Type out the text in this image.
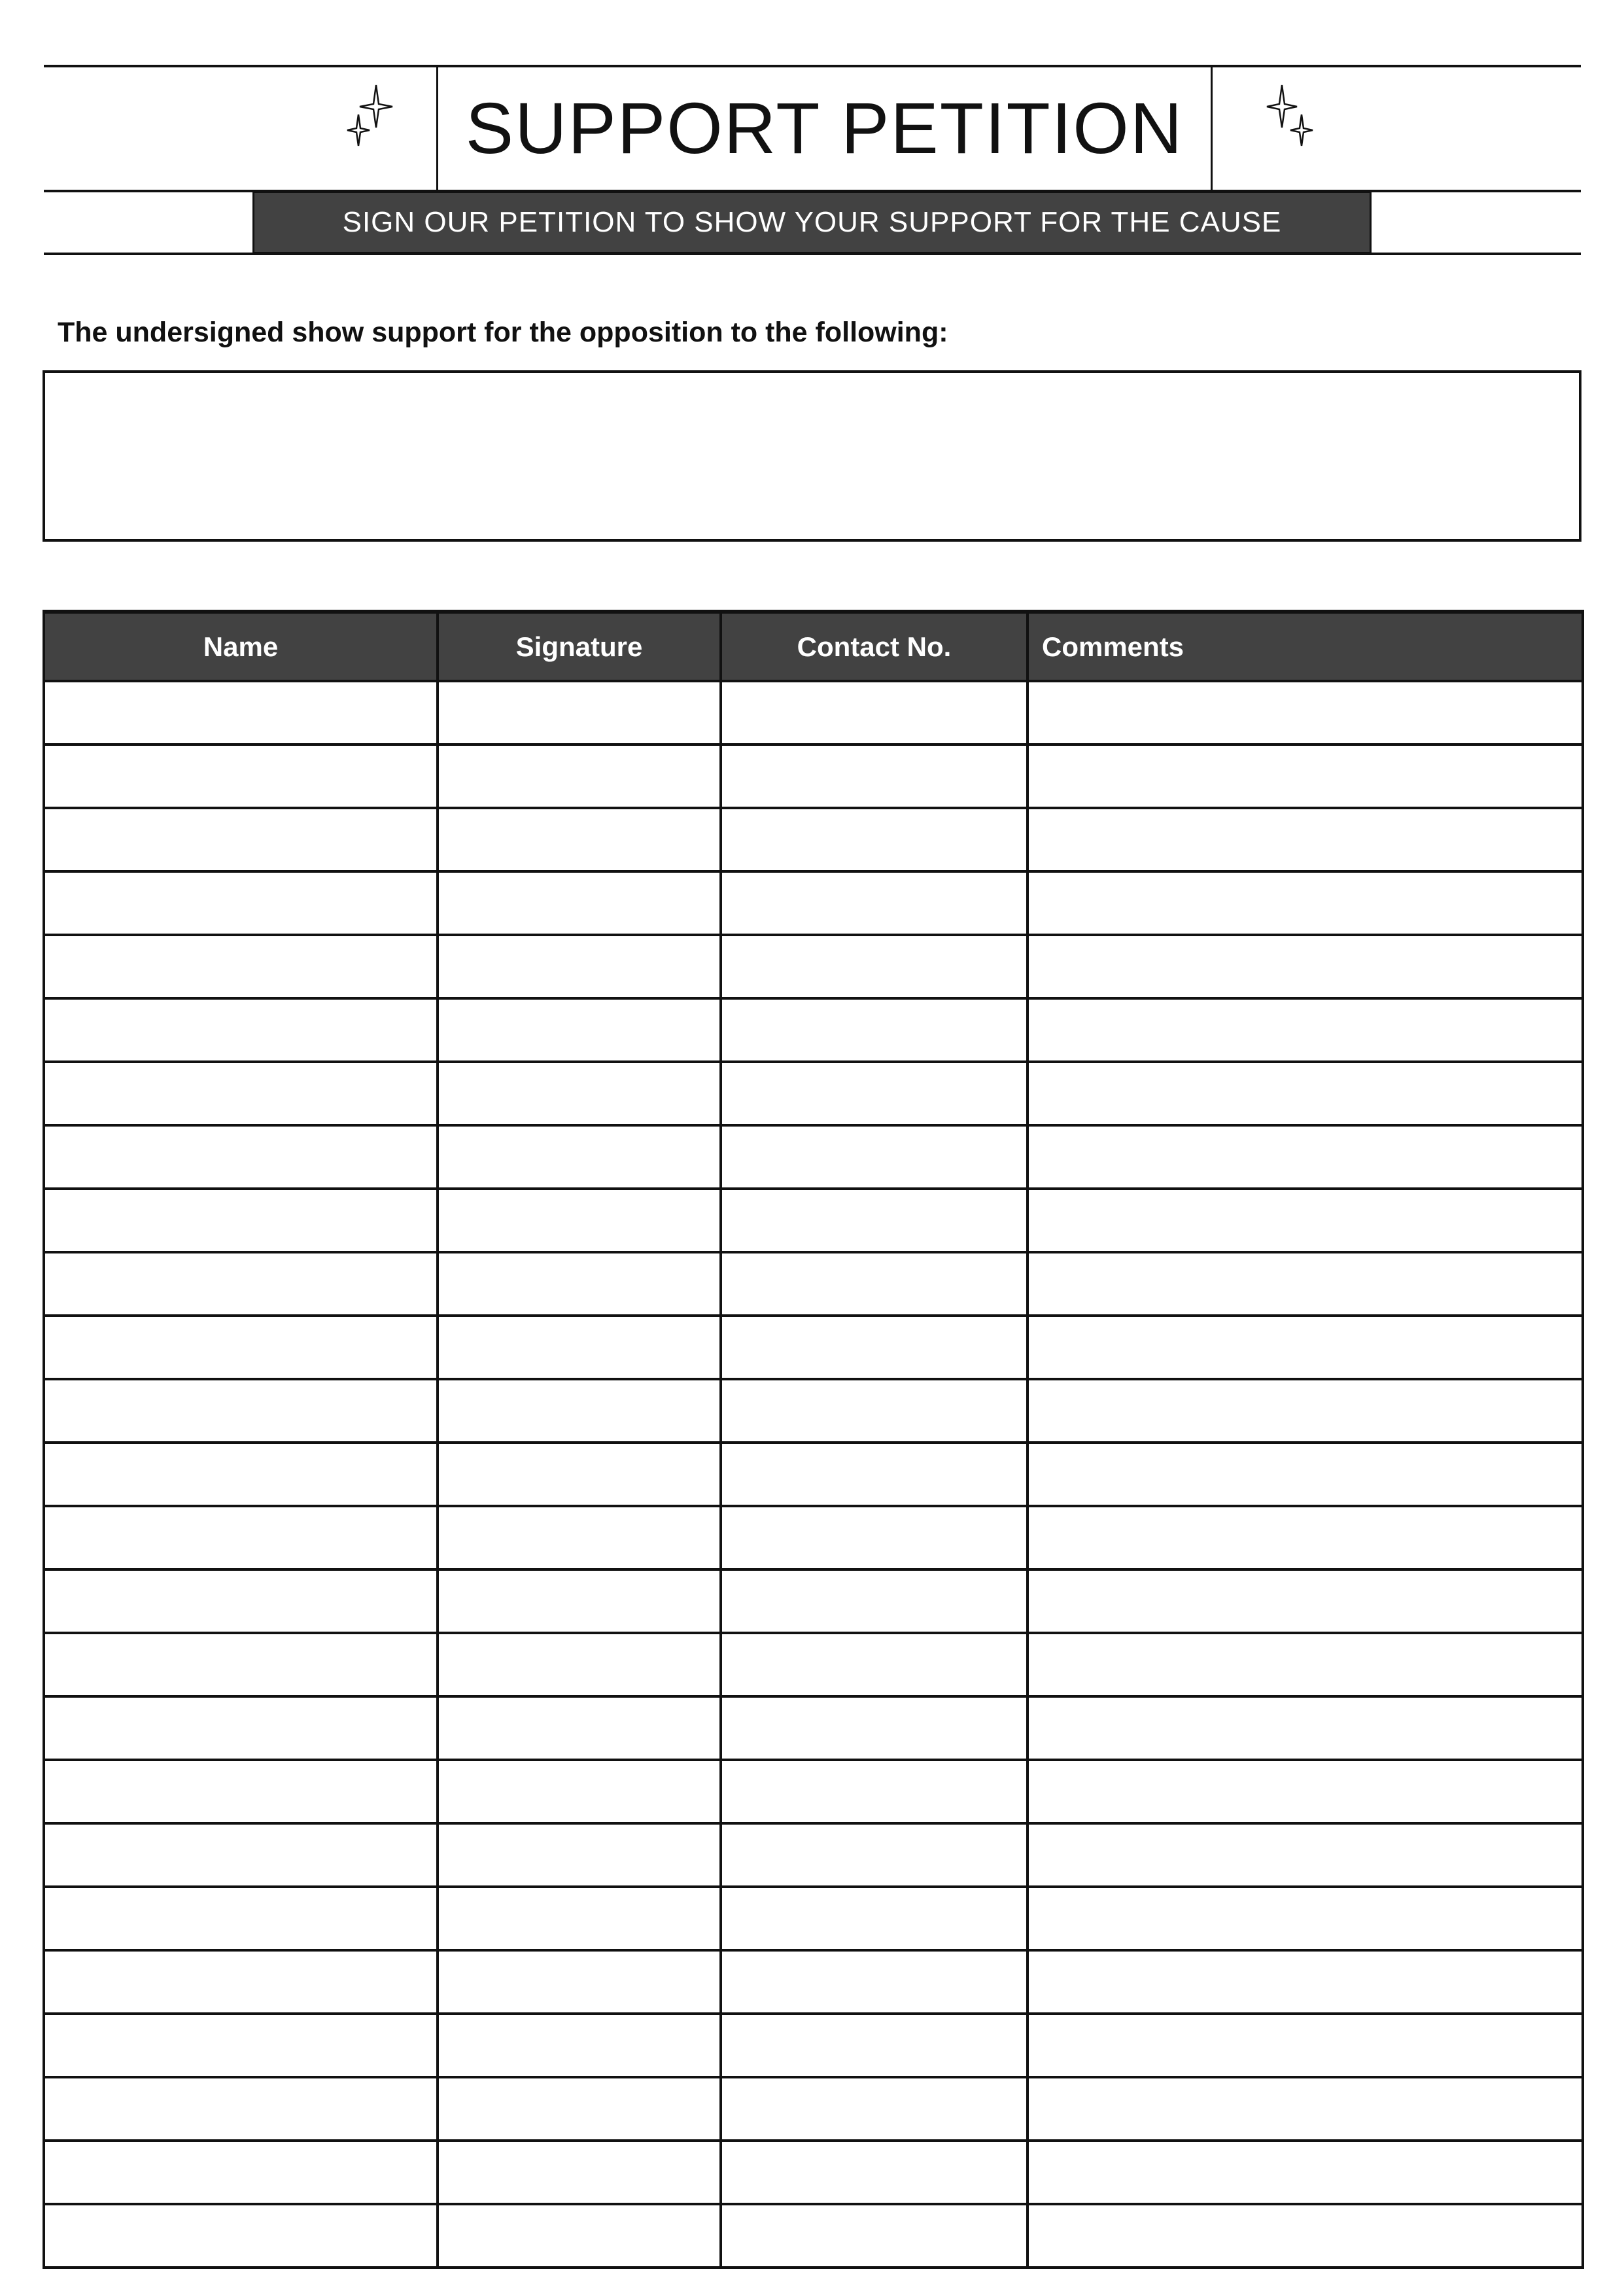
SUPPORT PETITION
SIGN OUR PETITION TO SHOW YOUR SUPPORT FOR THE CAUSE
The undersigned show support for the opposition to the following:
Name	Signature	Contact No.	Comments
